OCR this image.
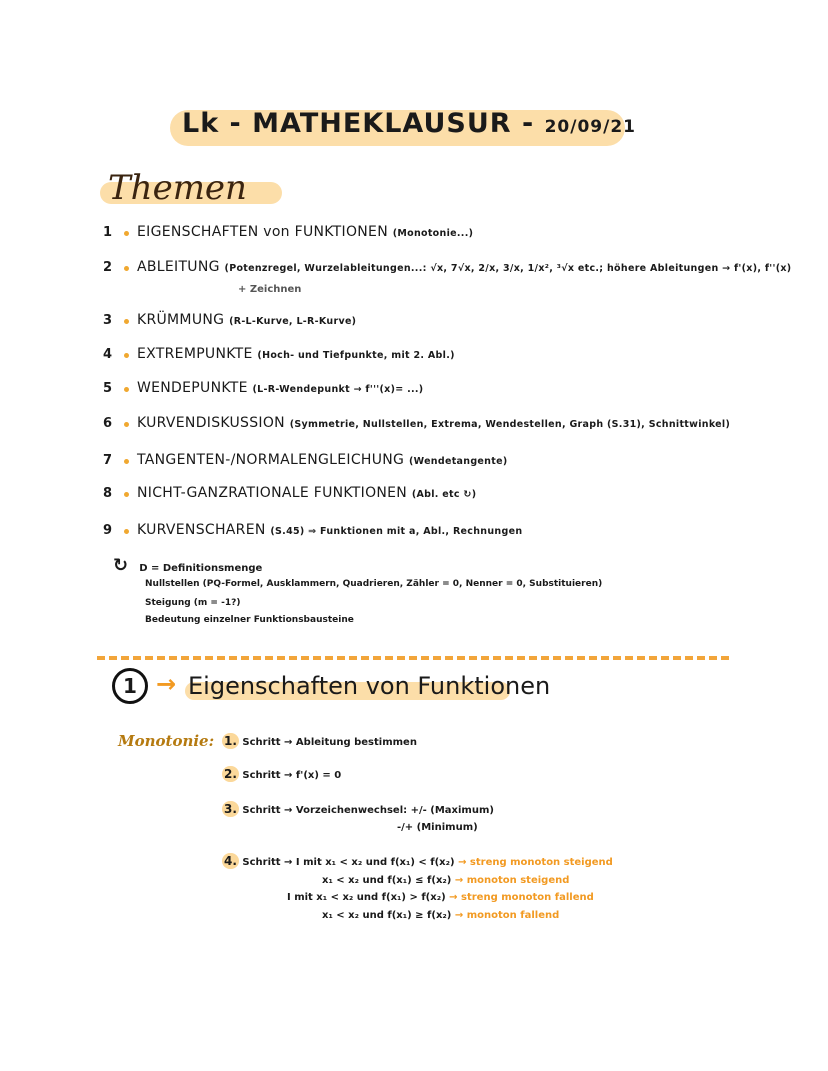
Lk - MATHEKLAUSUR - 20/09/21
Themen
1 EIGENSCHAFTEN von FUNKTIONEN (Monotonie...)
2 ABLEITUNG (Potenzregel, Wurzelableitungen...: √x, 7√x, 2/x, 3/x, 1/x², ³√x etc.; höhere Ableitungen → f'(x), f''(x)
+ Zeichnen
3 KRÜMMUNG (R-L-Kurve, L-R-Kurve)
4 EXTREMPUNKTE (Hoch- und Tiefpunkte, mit 2. Abl.)
5 WENDEPUNKTE (L-R-Wendepunkt → f'''(x)= ...)
6 KURVENDISKUSSION (Symmetrie, Nullstellen, Extrema, Wendestellen, Graph (S.31), Schnittwinkel)
7 TANGENTEN-/NORMALENGLEICHUNG (Wendetangente)
8 NICHT-GANZRATIONALE FUNKTIONEN (Abl. etc ↻)
9 KURVENSCHAREN (S.45) ⇒ Funktionen mit a, Abl., Rechnungen
↻ D = Definitionsmenge
Nullstellen (PQ-Formel, Ausklammern, Quadrieren, Zähler = 0, Nenner = 0, Substituieren)
Steigung (m = -1?)
Bedeutung einzelner Funktionsbausteine
1 → Eigenschaften von Funktionen
Monotonie: 1. Schritt → Ableitung bestimmen
2. Schritt → f'(x) = 0
3. Schritt → Vorzeichenwechsel: +/- (Maximum)
-/+ (Minimum)
4. Schritt → I mit x₁ < x₂ und f(x₁) < f(x₂) → streng monoton steigend
x₁ < x₂ und f(x₁) ≤ f(x₂) → monoton steigend
I mit x₁ < x₂ und f(x₁) > f(x₂) → streng monoton fallend
x₁ < x₂ und f(x₁) ≥ f(x₂) → monoton fallend
